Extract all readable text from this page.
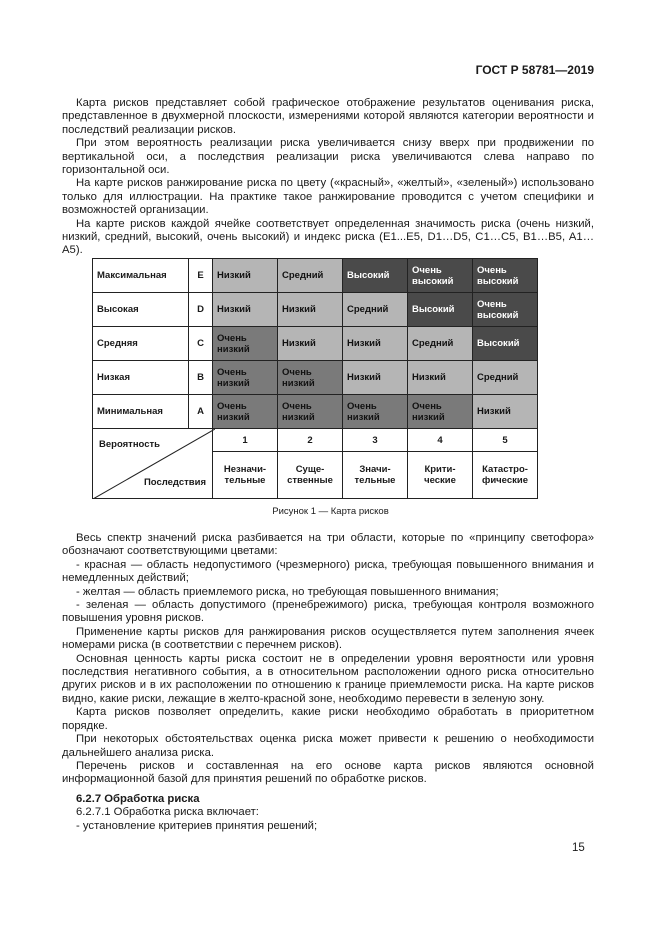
ГОСТ Р 58781—2019

Карта рисков представляет собой графическое отображение результатов оценивания риска, представленное в двухмерной плоскости, измерениями которой являются категории вероятности и последствий реализации рисков.

При этом вероятность реализации риска увеличивается снизу вверх при продвижении по вертикальной оси, а последствия реализации риска увеличиваются слева направо по горизонтальной оси.

На карте рисков ранжирование риска по цвету («красный», «желтый», «зеленый») использовано только для иллюстрации. На практике такое ранжирование проводится с учетом специфики и возможностей организации.

На карте рисков каждой ячейке соответствует определенная значимость риска (очень низкий, низкий, средний, высокий, очень высокий) и индекс риска (E1...E5, D1…D5, C1…C5, B1…B5, A1…A5).

Максимальная	E	Низкий	Средний	Высокий	Очень высокий	Очень высокий
Высокая	D	Низкий	Низкий	Средний	Высокий	Очень высокий
Средняя	C	Очень низкий	Низкий	Низкий	Средний	Высокий
Низкая	B	Очень низкий	Очень низкий	Низкий	Низкий	Средний
Минимальная	A	Очень низкий	Очень низкий	Очень низкий	Очень низкий	Низкий

Вероятность
Последствия		1	2	3	4	5
		Незначи-тельные	Суще-ственные	Значи-тельные	Крити-ческие	Катастро-фические
Рисунок 1 — Карта рисков

Весь спектр значений риска разбивается на три области, которые по «принципу светофора» обозначают соответствующими цветами:

- красная — область недопустимого (чрезмерного) риска, требующая повышенного внимания и немедленных действий;

- желтая — область приемлемого риска, но требующая повышенного внимания;

- зеленая — область допустимого (пренебрежимого) риска, требующая контроля возможного повышения уровня рисков.

Применение карты рисков для ранжирования рисков осуществляется путем заполнения ячеек номерами риска (в соответствии с перечнем рисков).

Основная ценность карты риска состоит не в определении уровня вероятности или уровня последствия негативного события, а в относительном расположении одного риска относительно других рисков и в их расположении по отношению к границе приемлемости риска. На карте рисков видно, какие риски, лежащие в желто-красной зоне, необходимо перевести в зеленую зону.

Карта рисков позволяет определить, какие риски необходимо обработать в приоритетном порядке.

При некоторых обстоятельствах оценка риска может привести к решению о необходимости дальнейшего анализа риска.

Перечень рисков и составленная на его основе карта рисков являются основной информационной базой для принятия решений по обработке рисков.

6.2.7 Обработка риска

6.2.7.1 Обработка риска включает:

- установление критериев принятия решений;

15
